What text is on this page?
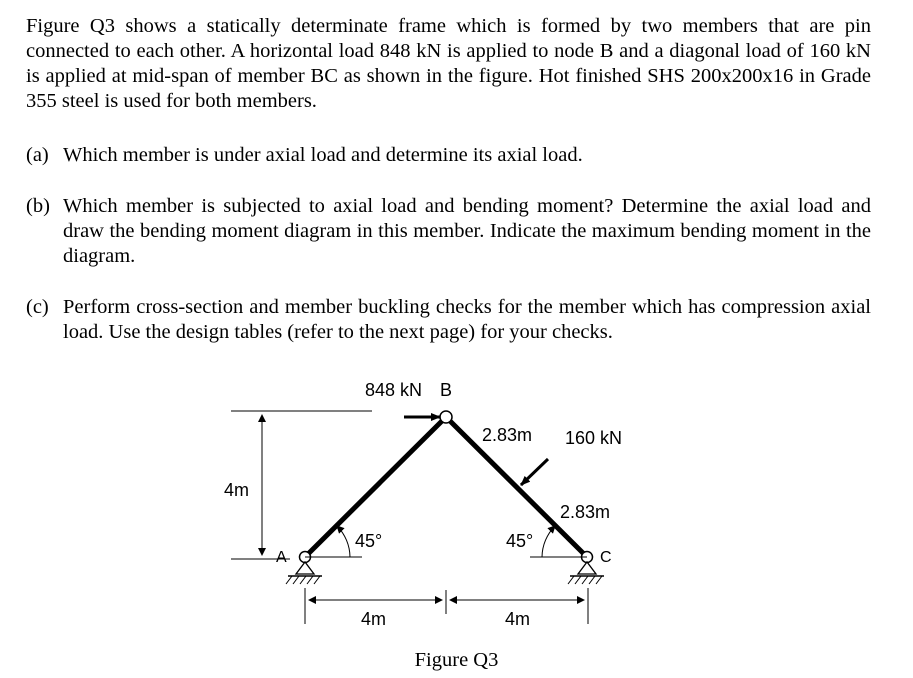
Figure Q3 shows a statically determinate frame which is formed by two members that are pin connected to each other. A horizontal load 848 kN is applied to node B and a diagonal load of 160 kN is applied at mid-span of member BC as shown in the figure. Hot finished SHS 200x200x16 in Grade 355 steel is used for both members.
(a) Which member is under axial load and determine its axial load.
(b) Which member is subjected to axial load and bending moment? Determine the axial load and draw the bending moment diagram in this member. Indicate the maximum bending moment in the diagram.
(c) Perform cross-section and member buckling checks for the member which has compression axial load. Use the design tables (refer to the next page) for your checks.
848 kN B
2.83m 160 kN
4m
2.83m
45°	45°
A	C
4m	4m
Figure Q3
